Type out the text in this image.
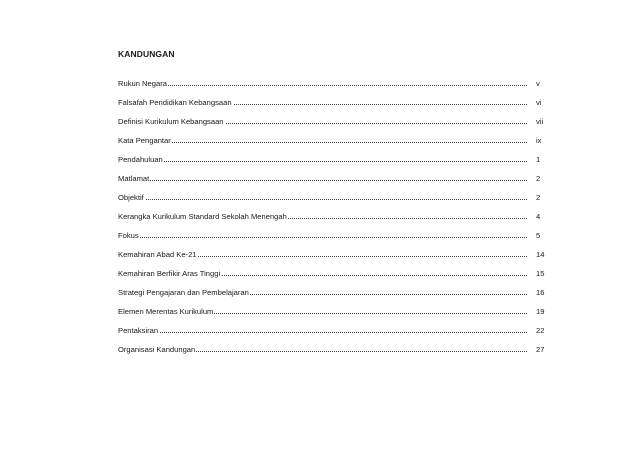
KANDUNGAN
Rukun Negara	v
Falsafah Pendidikan Kebangsaan	vi
Definisi Kurikulum Kebangsaan	vii
Kata Pengantar	ix
Pendahuluan	1
Matlamat	2
Objektif	2
Kerangka Kurikulum Standard Sekolah Menengah	4
Fokus	5
Kemahiran Abad Ke-21	14
Kemahiran Berfikir Aras Tinggi	15
Strategi Pengajaran dan Pembelajaran	16
Elemen Merentas Kurikulum	19
Pentaksiran	22
Organisasi Kandungan	27
